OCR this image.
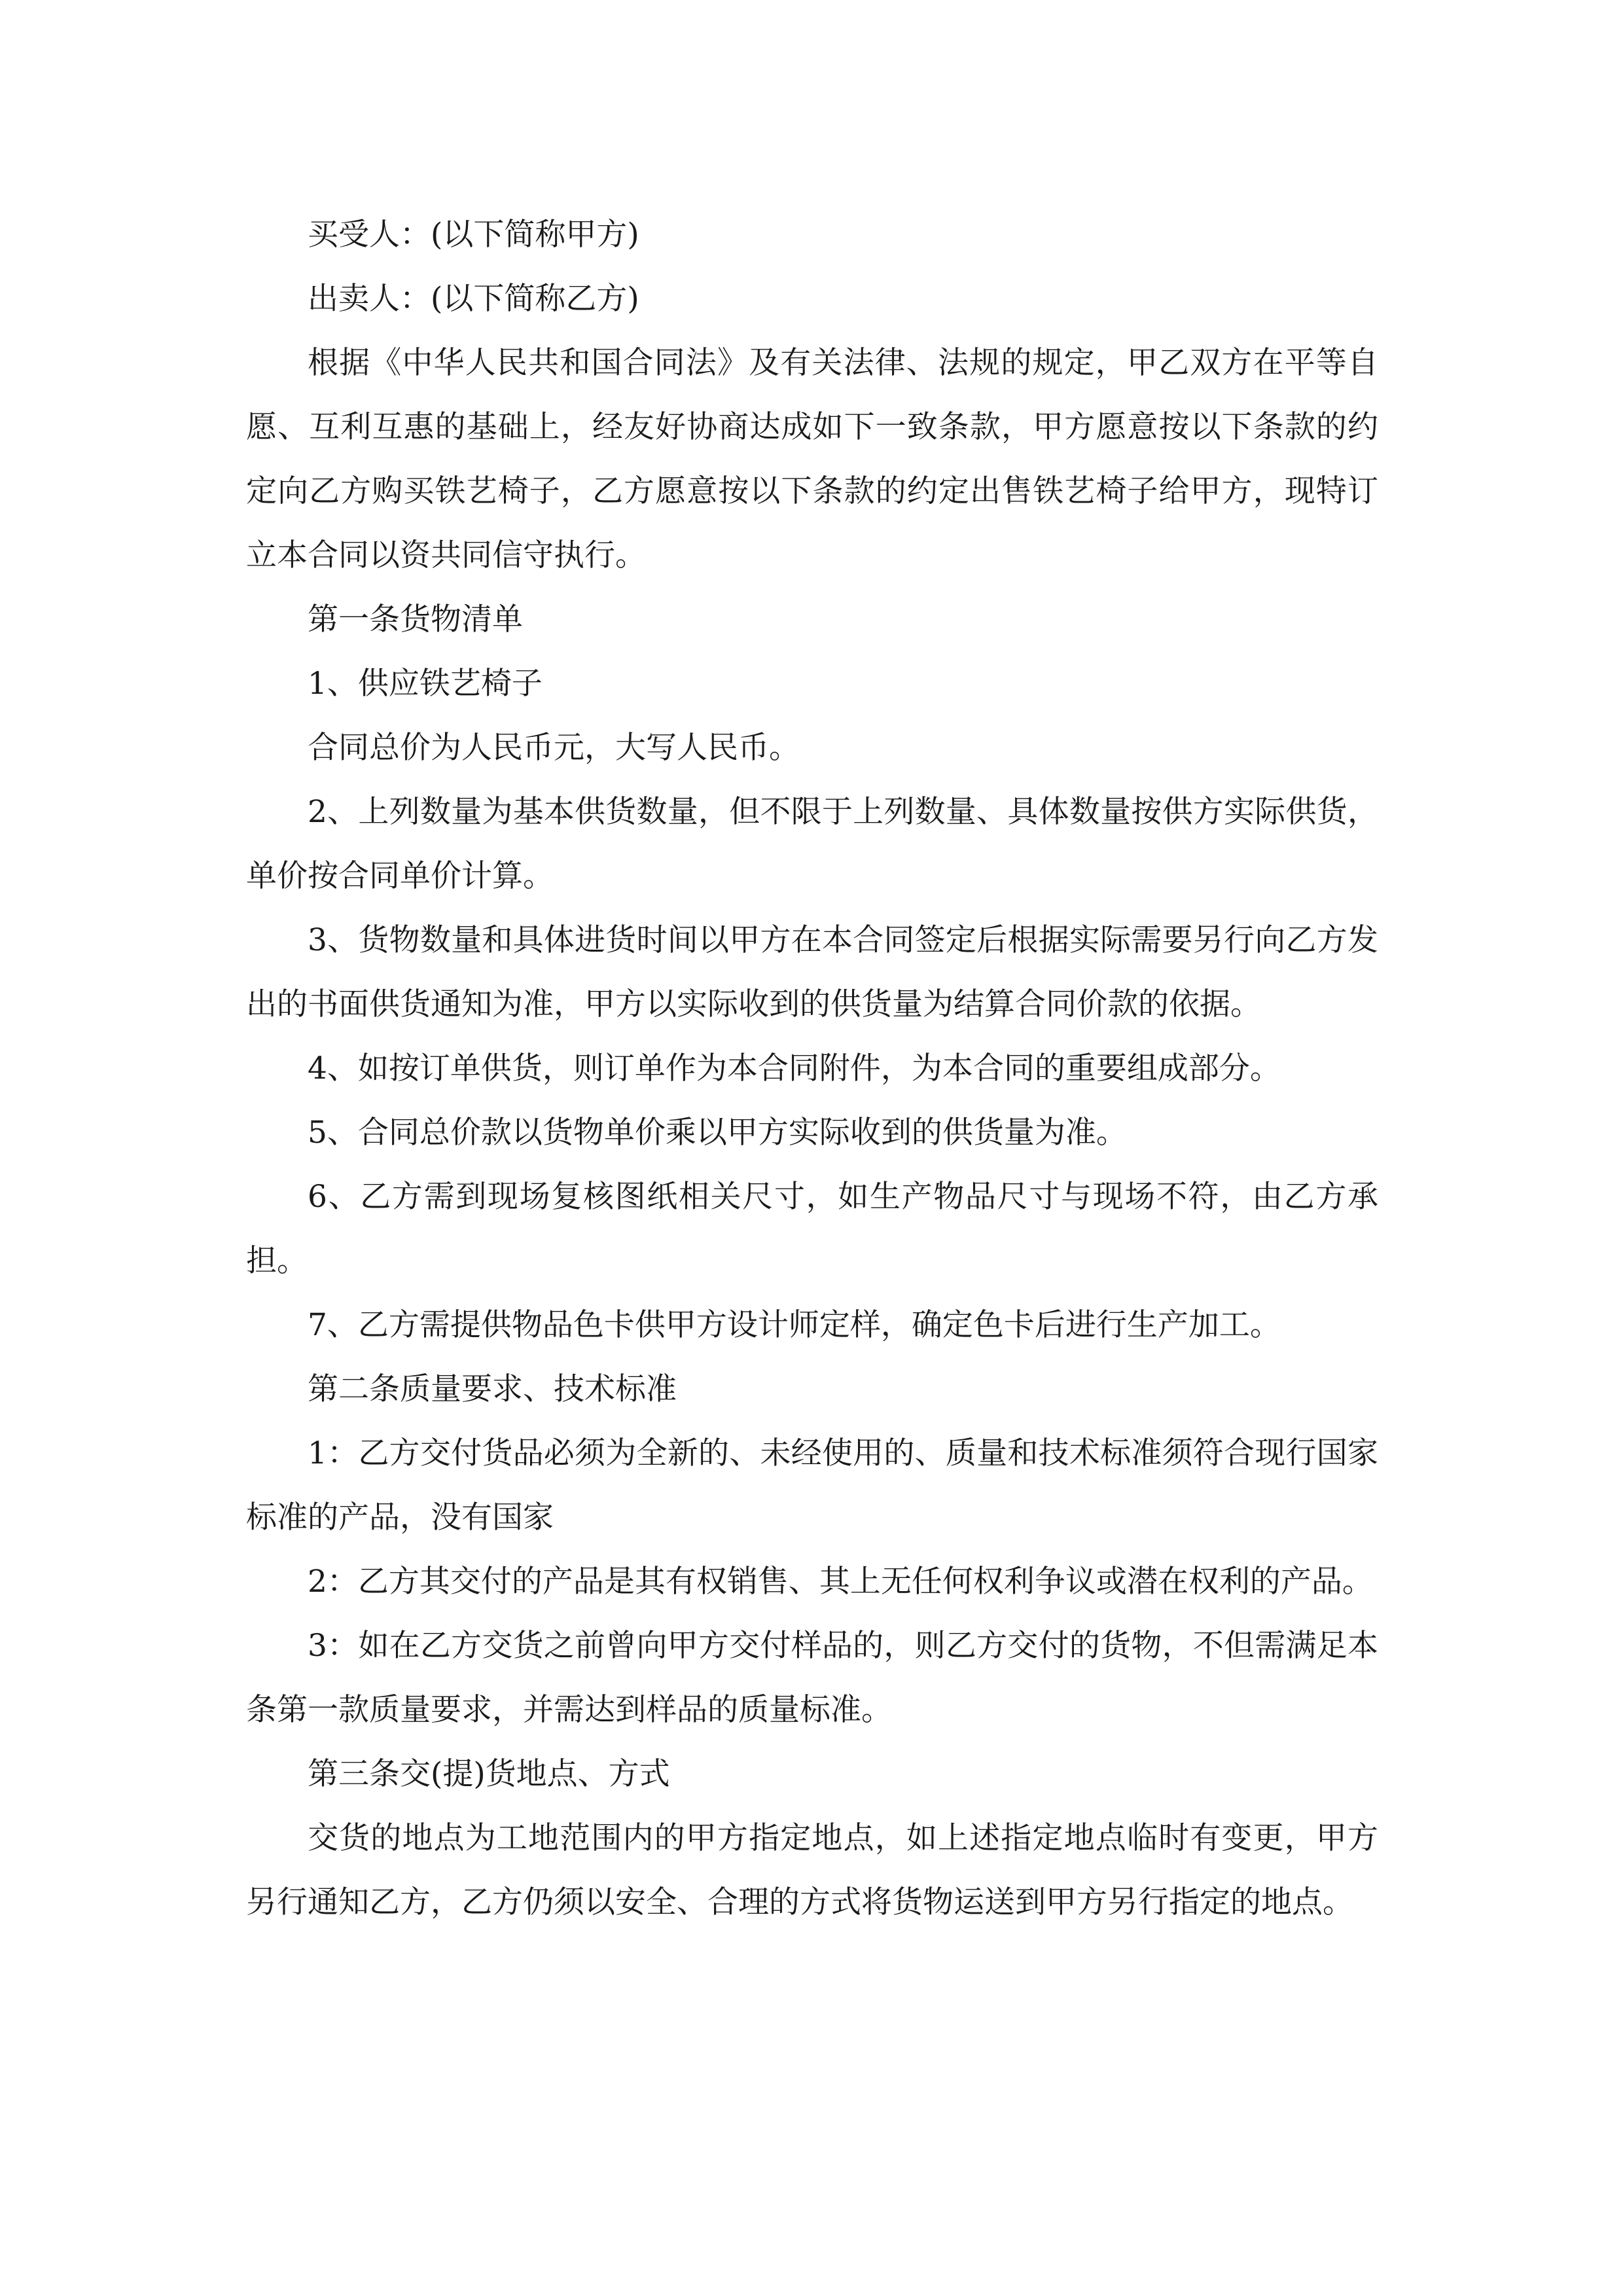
买受人：(以下简称甲方)

出卖人：(以下简称乙方)

根据《中华人民共和国合同法》及有关法律、法规的规定，甲乙双方在平等自愿、互利互惠的基础上，经友好协商达成如下一致条款，甲方愿意按以下条款的约定向乙方购买铁艺椅子，乙方愿意按以下条款的约定出售铁艺椅子给甲方，现特订立本合同以资共同信守执行。

第一条货物清单

1、供应铁艺椅子

合同总价为人民币元，大写人民币。

2、上列数量为基本供货数量，但不限于上列数量、具体数量按供方实际供货，单价按合同单价计算。

3、货物数量和具体进货时间以甲方在本合同签定后根据实际需要另行向乙方发出的书面供货通知为准，甲方以实际收到的供货量为结算合同价款的依据。

4、如按订单供货，则订单作为本合同附件，为本合同的重要组成部分。

5、合同总价款以货物单价乘以甲方实际收到的供货量为准。

6、乙方需到现场复核图纸相关尺寸，如生产物品尺寸与现场不符，由乙方承担。

7、乙方需提供物品色卡供甲方设计师定样，确定色卡后进行生产加工。

第二条质量要求、技术标准

1：乙方交付货品必须为全新的、未经使用的、质量和技术标准须符合现行国家标准的产品，没有国家

2：乙方其交付的产品是其有权销售、其上无任何权利争议或潜在权利的产品。

3：如在乙方交货之前曾向甲方交付样品的，则乙方交付的货物，不但需满足本条第一款质量要求，并需达到样品的质量标准。

第三条交(提)货地点、方式

交货的地点为工地范围内的甲方指定地点，如上述指定地点临时有变更，甲方另行通知乙方，乙方仍须以安全、合理的方式将货物运送到甲方另行指定的地点。
